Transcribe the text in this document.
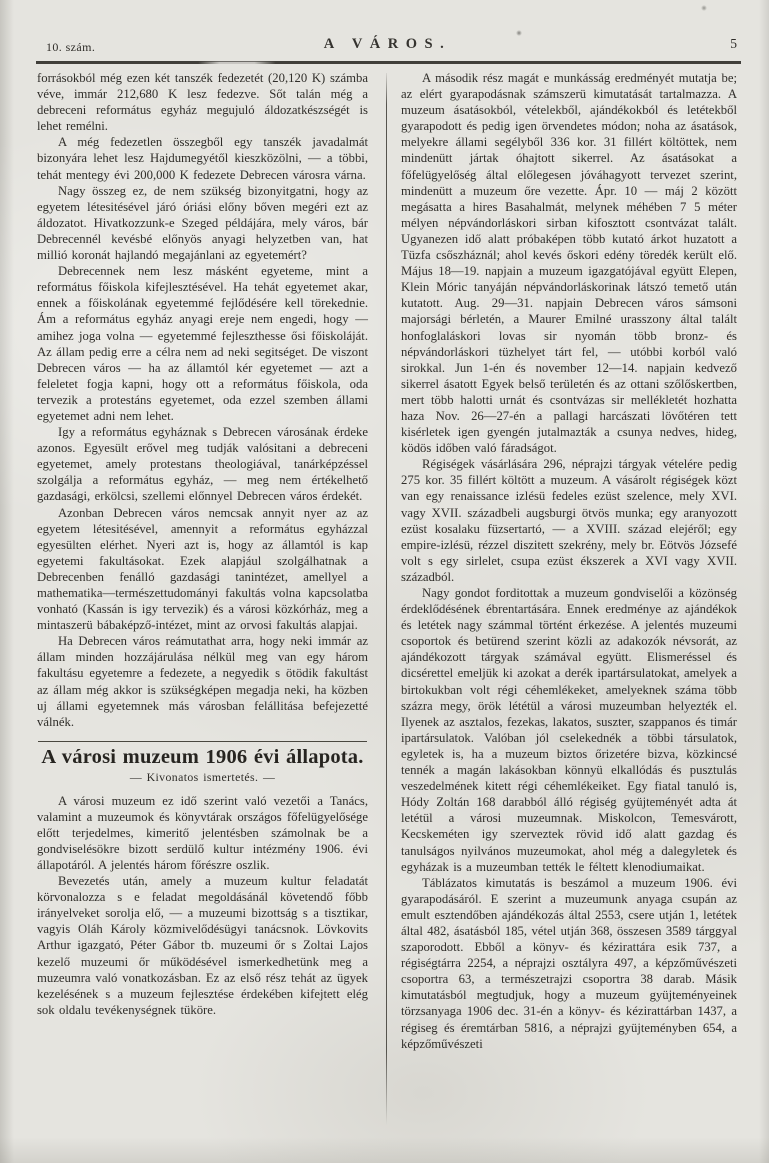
10. szám.	A VÁROS.	5

forrásokból még ezen két tanszék fedezetét (20,120 K) számba véve, immár 212,680 K lesz fedezve. Sőt talán még a debreceni református egyház megujuló áldozatkészségét is lehet remélni.

A még fedezetlen összegből egy tanszék javadalmát bizonyára lehet lesz Hajdumegyétől kieszközölni, — a többi, tehát mentegy évi 200,000 K fedezete Debrecen városra várna.

Nagy összeg ez, de nem szükség bizonyitgatni, hogy az egyetem létesitésével járó óriási előny bőven megéri ezt az áldozatot. Hivatkozzunk-e Szeged példájára, mely város, bár Debrecennél kevésbé előnyös anyagi helyzetben van, hat millió koronát hajlandó megajánlani az egyetemért?

Debrecennek nem lesz másként egyeteme, mint a református főiskola kifejlesztésével. Ha tehát egyetemet akar, ennek a főiskolának egyetemmé fejlődésére kell törekednie. Ám a református egyház anyagi ereje nem engedi, hogy — amihez joga volna — egyetemmé fejleszthesse ősi főiskoláját. Az állam pedig erre a célra nem ad neki segitséget. De viszont Debrecen város — ha az államtól kér egyetemet — azt a feleletet fogja kapni, hogy ott a református főiskola, oda tervezik a protestáns egyetemet, oda ezzel szemben állami egyetemet adni nem lehet.

Igy a református egyháznak s Debrecen városának érdeke azonos. Egyesült erővel meg tudják valósitani a debreceni egyetemet, amely protestans theologiával, tanárképzéssel szolgálja a református egyház, — meg nem értékelhető gazdasági, erkölcsi, szellemi előnnyel Debrecen város érdekét.

Azonban Debrecen város nemcsak annyit nyer az az egyetem létesitésével, amennyit a református egyházzal egyesülten elérhet. Nyeri azt is, hogy az államtól is kap egyetemi fakultásokat. Ezek alapjául szolgálhatnak a Debrecenben fenálló gazdasági tanintézet, amellyel a mathematika—természettudományi fakultás volna kapcsolatba vonható (Kassán is igy tervezik) és a városi közkórház, meg a mintaszerü bábaképző-intézet, mint az orvosi fakultás alapjai.

Ha Debrecen város reámutathat arra, hogy neki immár az állam minden hozzájárulása nélkül meg van egy három fakultásu egyetemre a fedezete, a negyedik s ötödik fakultást az állam még akkor is szükségképen megadja neki, ha közben uj állami egyetemnek más városban felállitása befejezetté válnék.

A városi muzeum 1906 évi állapota.
— Kivonatos ismertetés. —

A városi muzeum ez idő szerint való vezetői a Tanács, valamint a muzeumok és könyvtárak országos főfelügyelősége előtt terjedelmes, kimeritő jelentésben számolnak be a gondviselésökre bizott serdülő kultur intézmény 1906. évi állapotáról. A jelentés három főrészre oszlik.

Bevezetés után, amely a muzeum kultur feladatát körvonalozza s e feladat megoldásánál követendő főbb irányelveket sorolja elő, — a muzeumi bizottság s a tisztikar, vagyis Oláh Károly közmivelődésügyi tanácsnok. Lövkovits Arthur igazgató, Péter Gábor tb. muzeumi őr s Zoltai Lajos kezelő muzeumi őr működésével ismerkedhetünk meg a muzeumra való vonatkozásban. Ez az első rész tehát az ügyek kezelésének s a muzeum fejlesztése érdekében kifejtett elég sok oldalu tevékenységnek tüköre.

A második rész magát e munkásság eredményét mutatja be; az elért gyarapodásnak számszerü kimutatását tartalmazza. A muzeum ásatásokból, vételekből, ajándékokból és letétekből gyarapodott és pedig igen örvendetes módon; noha az ásatások, melyekre állami segélyből 336 kor. 31 fillért költöttek, nem mindenütt jártak óhajtott sikerrel. Az ásatásokat a főfelügyelőség által előlegesen jóváhagyott tervezet szerint, mindenütt a muzeum őre vezette. Ápr. 10 — máj 2 között megásatta a hires Basahalmát, melynek méhében 7 5 méter mélyen népvándorláskori sirban kifosztott csontvázat talált. Ugyanezen idő alatt próbaképen több kutató árkot huzatott a Tüzfa csőszháznál; ahol kevés őskori edény töredék került elő. Május 18—19. napjain a muzeum igazgatójával együtt Elepen, Klein Móric tanyáján népvándorláskorinak látszó temető után kutatott. Aug. 29—31. napjain Debrecen város sámsoni majorsági bérletén, a Maurer Emilné urasszony által talált honfoglaláskori lovas sir nyomán több bronz- és népvándorláskori tüzhelyet tárt fel, — utóbbi korból való sirokkal. Jun 1-én és november 12—14. napjain kedvező sikerrel ásatott Egyek belső területén és az ottani szőlőskertben, mert több halotti urnát és csontvázas sir mellékletét hozhatta haza Nov. 26—27-én a pallagi harcászati lövőtéren tett kisérletek igen gyengén jutalmazták a csunya nedves, hideg, ködös időben való fáradságot.

Régiségek vásárlására 296, néprajzi tárgyak vételére pedig 275 kor. 35 fillért költött a muzeum. A vásárolt régiségek közt van egy renaissance izlésü fedeles ezüst szelence, mely XVI. vagy XVII. századbeli augsburgi ötvös munka; egy aranyozott ezüst kosalaku füzsertartó, — a XVIII. század elejéről; egy empire-izlésü, rézzel diszitett szekrény, mely br. Eötvös Józsefé volt s egy sirlelet, csupa ezüst ékszerek a XVI vagy XVII. századból.

Nagy gondot forditottak a muzeum gondviselői a közönség érdeklődésének ébrentartására. Ennek eredménye az ajándékok és letétek nagy számmal történt érkezése. A jelentés muzeumi csoportok és betürend szerint közli az adakozók névsorát, az ajándékozott tárgyak számával együtt. Elismeréssel és dicsérettel emeljük ki azokat a derék ipartársulatokat, amelyek a birtokukban volt régi céhemlékeket, amelyeknek száma több százra megy, örök lététül a városi muzeumban helyezték el. Ilyenek az asztalos, fezekas, lakatos, suszter, szappanos és timár ipartársulatok. Valóban jól cselekednék a többi társulatok, egyletek is, ha a muzeum biztos őrizetére bizva, közkincsé tennék a magán lakásokban könnyü elkallódás és pusztulás veszedelmének kitett régi céhemlékeiket. Egy fiatal tanuló is, Hódy Zoltán 168 darabból álló régiség gyüjteményét adta át letétül a városi muzeumnak. Miskolcon, Temesvárott, Kecskeméten igy szerveztek rövid idő alatt gazdag és tanulságos nyilvános muzeumokat, ahol még a dalegyletek és egyházak is a muzeumban tették le féltett klenodiumaikat.

Táblázatos kimutatás is beszámol a muzeum 1906. évi gyarapodásáról. E szerint a muzeumunk anyaga csupán az emult esztendőben ajándékozás által 2553, csere utján 1, letétek által 482, ásatásból 185, vétel utján 368, összesen 3589 tárggyal szaporodott. Ebből a könyv- és kézirattára esik 737, a régiségtárra 2254, a néprajzi osztályra 497, a képzőművészeti csoportra 63, a természetrajzi csoportra 38 darab. Másik kimutatásból megtudjuk, hogy a muzeum gyüjteményeinek törzsanyaga 1906 dec. 31-én a könyv- és kézirattárban 1437, a régiseg és éremtárban 5816, a néprajzi gyüjteményben 654, a képzőművészeti
